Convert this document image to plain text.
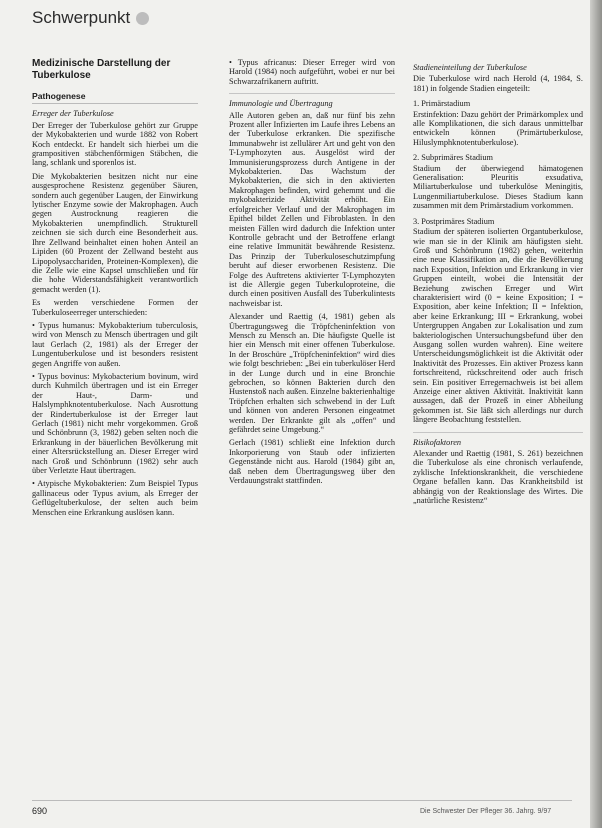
Schwerpunkt
Medizinische Darstellung der Tuberkulose
Pathogenese
Erreger der Tuberkulose

Der Erreger der Tuberkulose gehört zur Gruppe der Mykobakterien und wurde 1882 von Robert Koch entdeckt. Er handelt sich hierbei um die grampositiven stäbchenförmigen Stäbchen, die lang, schlank und sporenlos ist.

Die Mykobakterien besitzen nicht nur eine ausgesprochene Resistenz gegenüber Säuren, sondern auch gegenüber Laugen, der Einwirkung lytischer Enzyme sowie der Makrophagen. Auch gegen Austrocknung reagieren die Mykobakterien unempfindlich. Strukturell zeichnen sie sich durch eine Besonderheit aus. Ihre Zellwand beinhaltet einen hohen Anteil an Lipiden (60 Prozent der Zellwand besteht aus Lipopolysacchariden, Proteinen-Komplexen), die die Zelle wie eine Kapsel umschließen und für die hohe Widerstandsfähigkeit verantwortlich gemacht werden (1).

Es werden verschiedene Formen der Tuberkuloseerreger unterschieden:

• Typus humanus: Mykobakterium tuberculosis, wird von Mensch zu Mensch übertragen und gilt laut Gerlach (2, 1981) als der Erreger der Lungentuberkulose und ist besonders resistent gegen Angriffe von außen.

• Typus bovinus: Mykobacterium bovinum, wird durch Kuhmilch übertragen und ist ein Erreger der Haut-, Darm- und Halslymphknotentuberkulose. Nach Ausrottung der Rindertuberkulose ist der Erreger laut Gerlach (1981) nicht mehr vorgekommen. Groß und Schönbrunn (3, 1982) geben selten noch die Erkrankung in der bäuerlichen Bevölkerung mit einer Altersrückstellung an. Dieser Erreger wird nach Groß und Schönbrunn (1982) sehr auch über Verletzte Haut übertragen.

• Atypische Mykobakterien: Zum Beispiel Typus gallinaceus oder Typus avium, als Erreger der Geflügeltuberkulose, der selten auch beim Menschen eine Erkrankung auslösen kann.

• Typus africanus: Dieser Erreger wird von Harold (1984) noch aufgeführt, wobei er nur bei Schwarzafrikanern auftritt.

Immunologie und Übertragung

Alle Autoren geben an, daß nur fünf bis zehn Prozent aller Infizierten im Laufe ihres Lebens an der Tuberkulose erkranken. Die spezifische Immunabwehr ist zellulärer Art und geht von den T-Lymphozyten aus. Ausgelöst wird der Immunisierungsprozess durch Antigene in der Mykobakterien. Das Wachstum der Mykobakterien, die sich in den aktivierten Makrophagen befinden, wird gehemmt und die mykobakterizide Aktivität erhöht. Ein erfolgreicher Verlauf und der Makrophagen im Epithel bildet Zellen und Fibroblasten. In den meisten Fällen wird dadurch die Infektion unter Kontrolle gebracht und der Betroffene erlangt eine relative Immunität bewährende Resistenz. Das Prinzip der Tuberkuloseschutzimpfung beruht auf dieser erworbenen Resistenz. Die Folge des Auftretens aktivierter T-Lymphozyten ist die Allergie gegen Tuberkuloproteine, die durch einen positiven Ausfall des Tuberkulintests nachweisbar ist.

Alexander und Raettig (4, 1981) geben als Übertragungsweg die Tröpfcheninfektion von Mensch zu Mensch an. Die häufigste Quelle ist hier ein Mensch mit einer offenen Tuberkulose. In der Broschüre „Tröpfcheninfektion“ wird dies wie folgt beschrieben: „Bei ein tuberkulöser Herd in der Lunge durch und in eine Bronchie gebrochen, so können Bakterien durch den Hustenstoß nach außen. Einzelne bakterienhaltige Tröpfchen erhalten sich schwebend in der Luft und können von anderen Personen eingeatmet werden. Der Erkrankte gilt als „offen“ und gefährdet seine Umgebung.“

Gerlach (1981) schließt eine Infektion durch Inkorporierung von Staub oder infizierten Gegenstände nicht aus. Harold (1984) gibt an, daß neben dem Übertragungsweg über den Verdauungstrakt stattfinden.

Stadieneinteilung der Tuberkulose

Die Tuberkulose wird nach Herold (4, 1984, S. 181) in folgende Stadien eingeteilt:

1. Primärstadium

Erstinfektion: Dazu gehört der Primärkomplex und alle Komplikationen, die sich daraus unmittelbar entwickeln können (Primärtuberkulose, Hiluslymphknotentuberkulose).

2. Subprimäres Stadium

Stadium der überwiegend hämatogenen Generalisation: Pleuritis exsudativa, Miliartuberkulose und tuberkulöse Meningitis, Lungenmiliartuberkulose. Dieses Stadium kann zusammen mit dem Primärstadium vorkommen.

3. Postprimäres Stadium

Stadium der späteren isolierten Organtuberkulose, wie man sie in der Klinik am häufigsten sieht. Groß und Schönbrunn (1982) gehen, weiterhin eine neue Klassifikation an, die die Bevölkerung nach Exposition, Infektion und Erkrankung in vier Gruppen einteilt, wobei die Intensität der Beziehung zwischen Erreger und Wirt charakterisiert wird (0 = keine Exposition; I = Exposition, aber keine Infektion; II = Infektion, aber keine Erkrankung; III = Erkrankung, wobei Untergruppen Angaben zur Lokalisation und zum bakteriologischen Untersuchungsbefund über den Ausgang sollen wurden wahren). Eine weitere Unterscheidungsmöglichkeit ist die Aktivität oder Inaktivität des Prozesses. Ein aktiver Prozess kann fortschreitend, rückschreitend oder auch frisch sein. Ein positiver Erregernachweis ist bei allem Anzeige einer aktiven Aktivität. Inaktivität kann aussagen, daß der Prozeß in einer Abheilung gekommen ist. Sie läßt sich allerdings nur durch längere Beobachtung feststellen.

Risikofaktoren

Alexander und Raettig (1981, S. 261) bezeichnen die Tuberkulose als eine chronisch verlaufende, zyklische Infektionskrankheit, die verschiedene Organe befallen kann. Das Krankheitsbild ist abhängig von der Reaktionslage des Wirtes. Die „natürliche Resistenz“

690	Die Schwester Der Pfleger 36. Jahrg. 9/97
